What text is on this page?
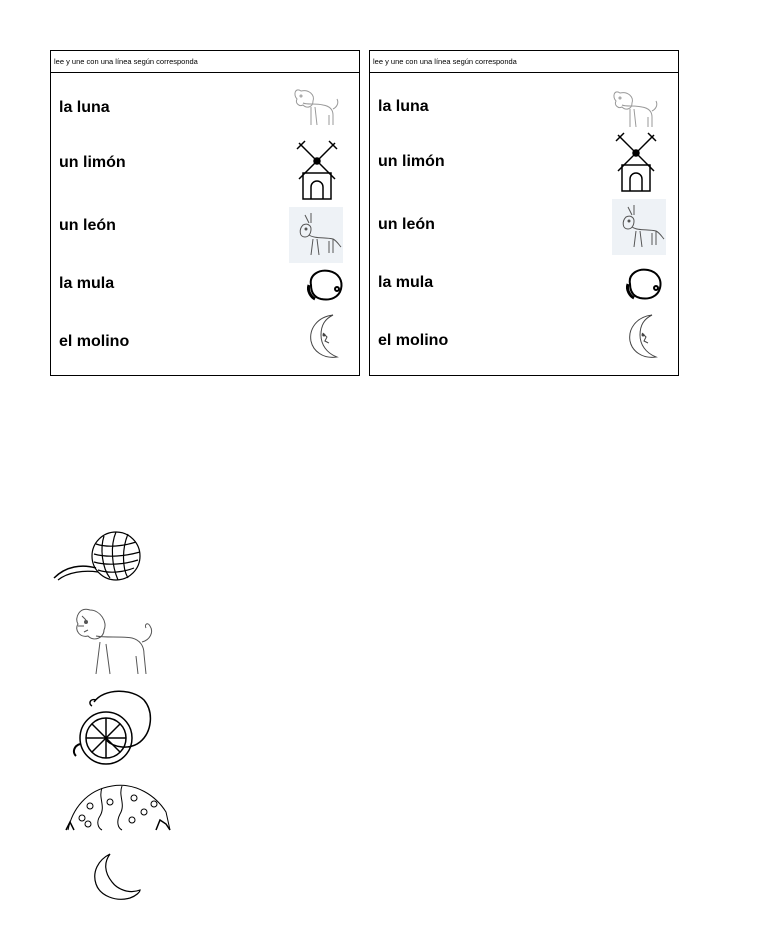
lee y une con una línea según corresponda
la luna
un limón
un león
la mula
el molino
lee y une con una línea según corresponda
la luna
un limón
un león
la mula
el molino
